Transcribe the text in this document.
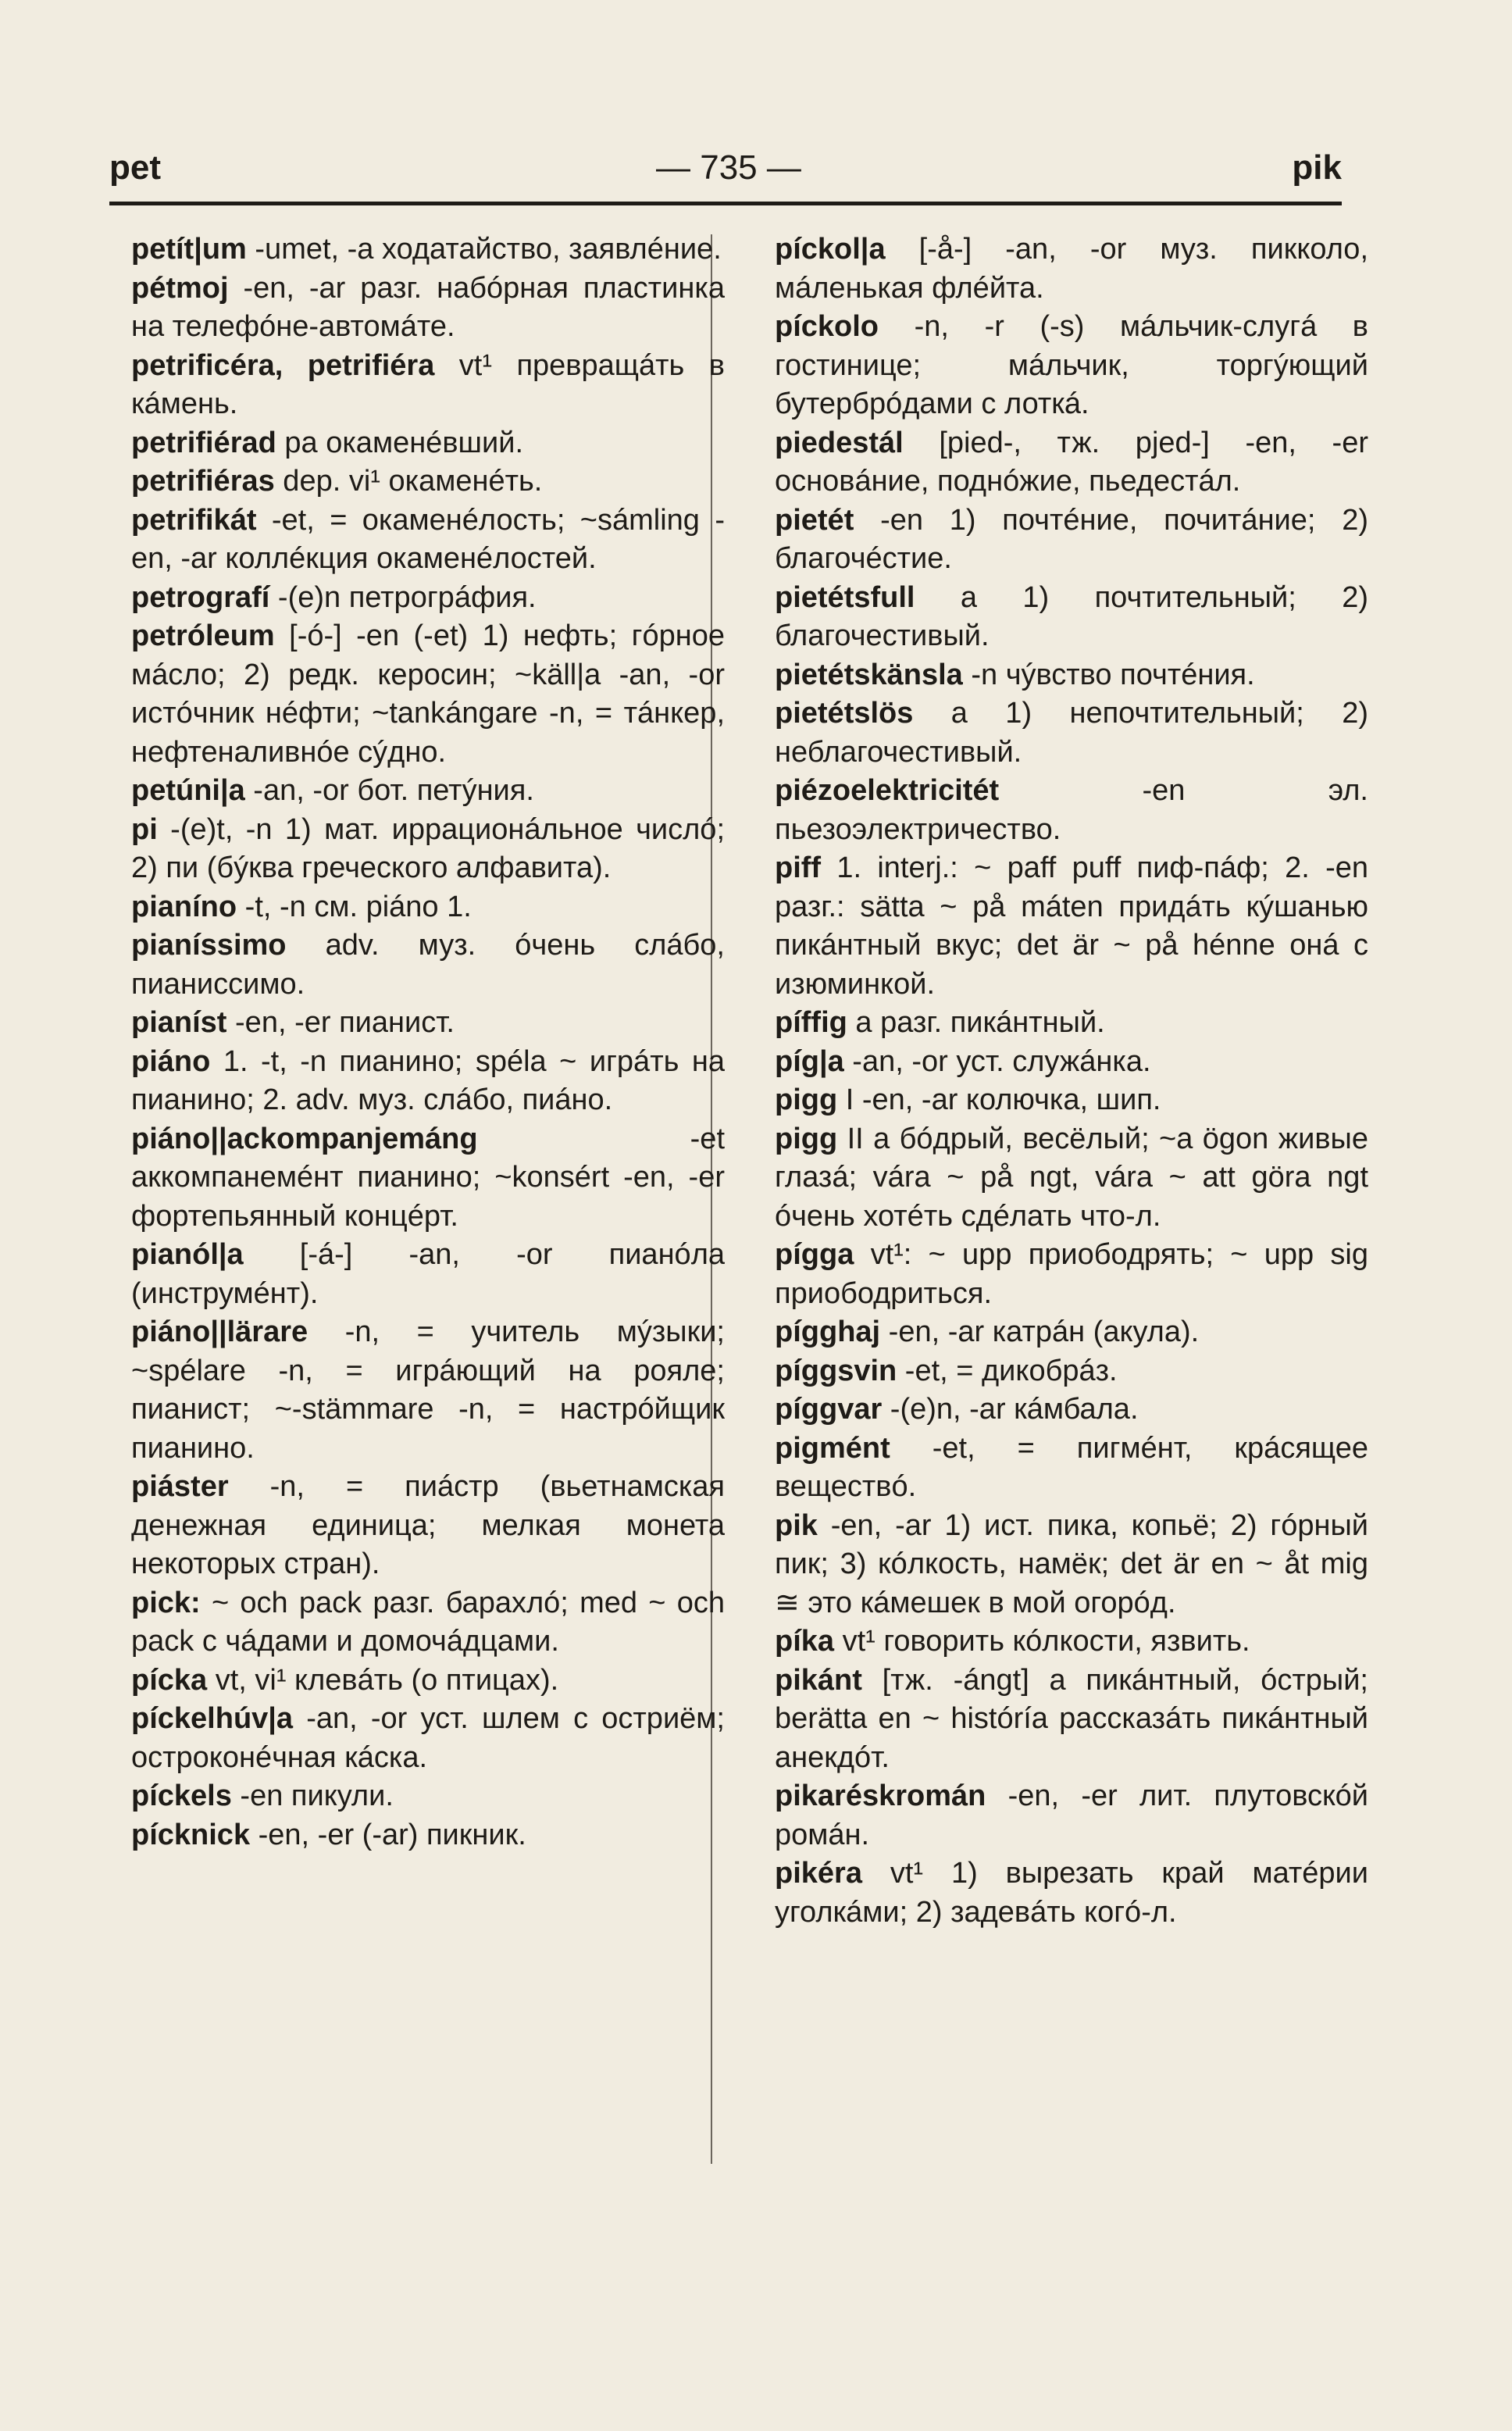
pet	— 735 —	pik

petít|um -umet, -a ходатайство, заявлéние.

pétmoj -en, -ar разг. набóрная пластинка на телефóне-автомáте.

petrificéra, petrifiéra vt¹ превращáть в кáмень.

petrifiérad pa окаменéвший.

petrifiéras dep. vi¹ окаменéть.

petrifikát -et, = окаменéлость; ~sámling -en, -ar коллéкция окаменéлостей.

petrografí -(e)n петрогрáфия.

petróleum [-ó-] -en (-et) 1) нефть; гóрное мáсло; 2) редк. керосин; ~käll|a -an, -or истóчник нéфти; ~tankángare -n, = тáнкер, нефтеналивнóе сýдно.

petúni|a -an, -or бот. петýния.

pi -(e)t, -n 1) мат. иррационáльное числó; 2) пи (бýква греческого алфавита).

pianíno -t, -n см. piáno 1.

pianíssimo adv. муз. óчень слáбо, пианиссимо.

pianíst -en, -er пианист.

piáno 1. -t, -n пианино; spéla ~ игрáть на пианино; 2. adv. муз. слáбо, пиáно.

piáno||ackompanjemáng -et аккомпанемéнт пианино; ~konsért -en, -er фортепьянный концéрт.

pianól|a [-á-] -an, -or пианóла (инструмéнт).

piáno||lärare -n, = учитель мýзыки; ~spélare -n, = игрáющий на рояле; пианист; ~-stämmare -n, = настрóйщик пианино.

piáster -n, = пиáстр (вьетнамская денежная единица; мелкая монета некоторых стран).

pick: ~ och pack разг. барахлó; med ~ och pack с чáдами и домочáдцами.

pícka vt, vi¹ клевáть (о птицах).

píckelhúv|a -an, -or уст. шлем с остриём; остроконéчная кáска.

píckels -en пикули.

pícknick -en, -er (-ar) пикник.

píckol|a [-å-] -an, -or муз. пикколо, мáленькая флéйта.

píckolo -n, -r (-s) мáльчик-слугá в гостинице; мáльчик, торгýющий бутербрóдами с лоткá.

piedestál [pied-, тж. pjed-] -en, -er основáние, поднóжие, пьедестáл.

pietét -en 1) почтéние, почитáние; 2) благочéстие.

pietétsfull a 1) почтительный; 2) благочестивый.

pietétskänsla -n чýвство почтéния.

pietétslös a 1) непочтительный; 2) неблагочестивый.

piézoelektricitét -en эл. пьезоэлектричество.

piff 1. interj.: ~ paff puff пиф-пáф; 2. -en разг.: sätta ~ på máten придáть кýшанью пикáнтный вкус; det är ~ på hénne онá с изюминкой.

píffig a разг. пикáнтный.

píg|a -an, -or уст. служáнка.

pigg I -en, -ar колючка, шип.

pigg II a бóдрый, весёлый; ~a ögon живые глазá; vára ~ på ngt, vára ~ att göra ngt óчень хотéть сдéлать что-л.

pígga vt¹: ~ upp приободрять; ~ upp sig приободриться.

pígghaj -en, -ar катрáн (акула).

píggsvin -et, = дикобрáз.

píggvar -(e)n, -ar кáмбала.

pigmént -et, = пигмéнт, крáсящее веществó.

pik -en, -ar 1) ист. пика, копьё; 2) гóрный пик; 3) кóлкость, намёк; det är en ~ åt mig ≅ это кáмешек в мой огорóд.

píka vt¹ говорить кóлкости, язвить.

pikánt [тж. -ángt] a пикáнтный, óстрый; berätta en ~ históría рассказáть пикáнтный анекдóт.

pikaréskromán -en, -er лит. плутовскóй ромáн.

pikéra vt¹ 1) вырезать край матéрии уголкáми; 2) задевáть когó-л.
